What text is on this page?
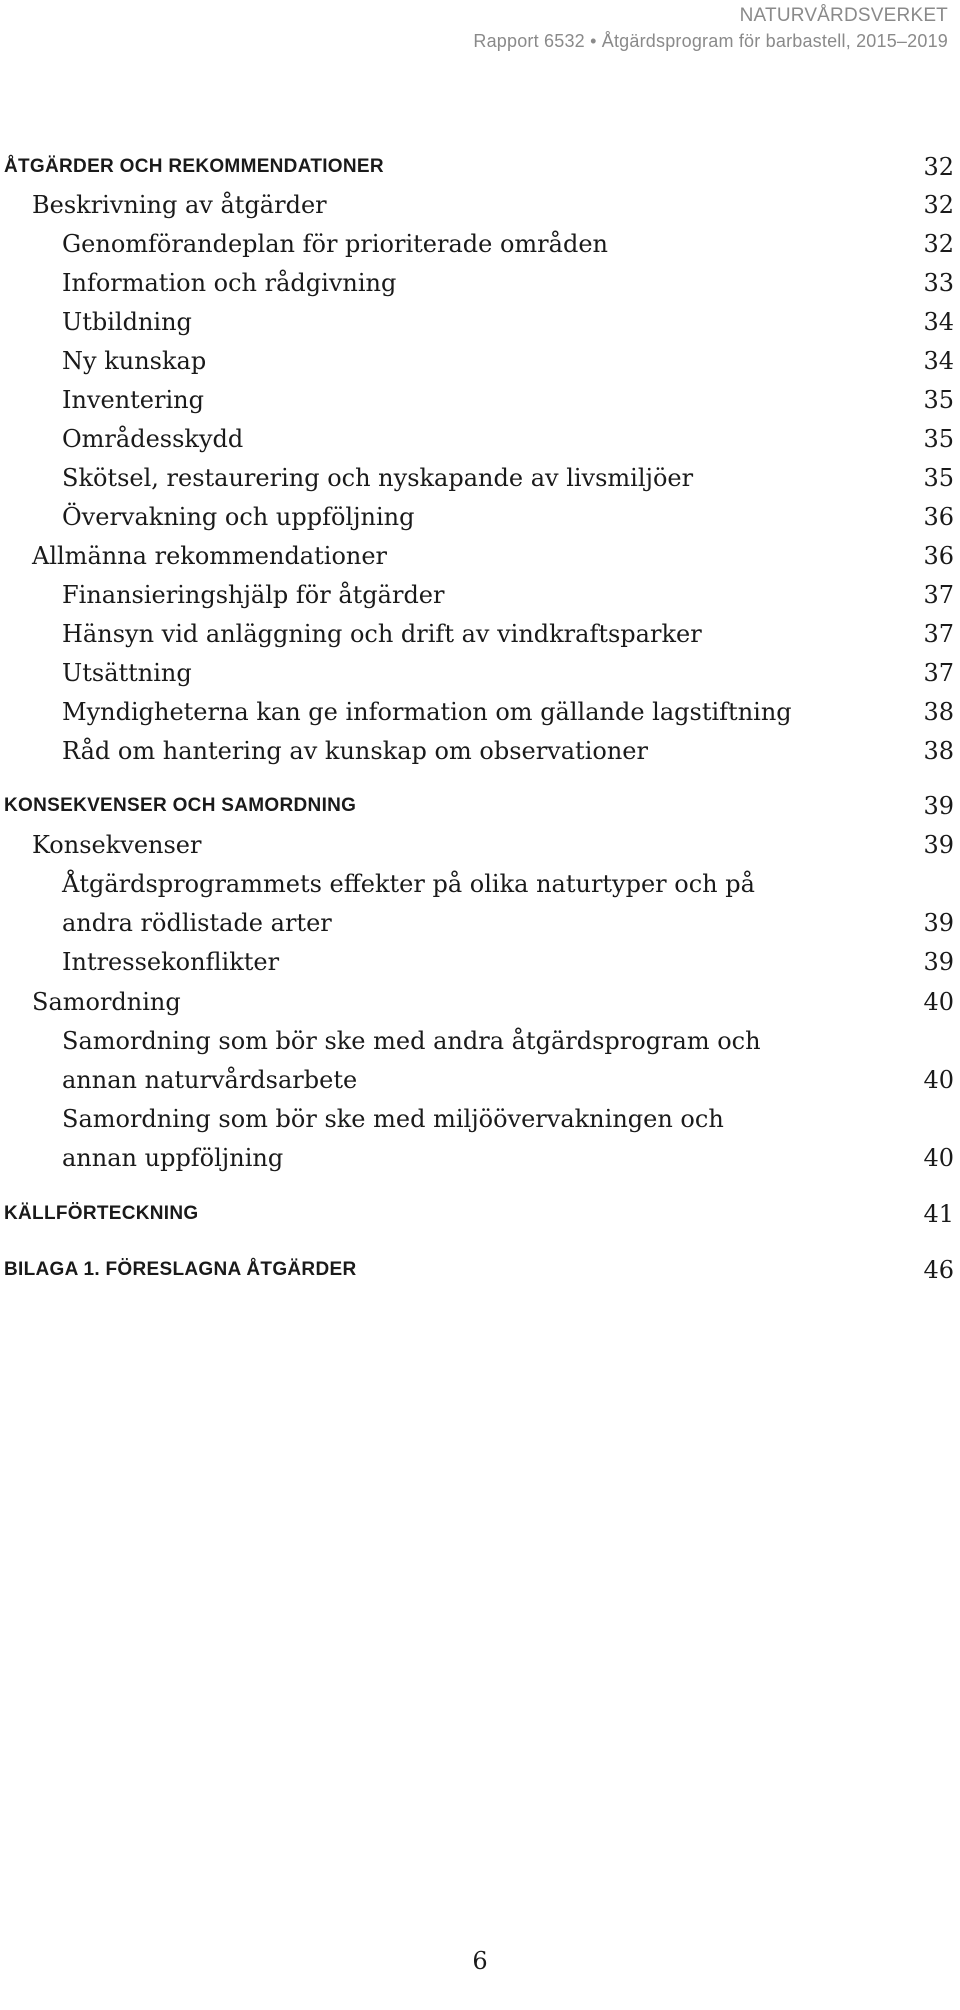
NATURVÅRDSVERKET
Rapport 6532 • Åtgärdsprogram för barbastell, 2015–2019
ÅTGÄRDER OCH REKOMMENDATIONER	32
Beskrivning av åtgärder	32
Genomförandeplan för prioriterade områden	32
Information och rådgivning	33
Utbildning	34
Ny kunskap	34
Inventering	35
Områdesskydd	35
Skötsel, restaurering och nyskapande av livsmiljöer	35
Övervakning och uppföljning	36
Allmänna rekommendationer	36
Finansieringshjälp för åtgärder	37
Hänsyn vid anläggning och drift av vindkraftsparker	37
Utsättning	37
Myndigheterna kan ge information om gällande lagstiftning	38
Råd om hantering av kunskap om observationer	38
KONSEKVENSER OCH SAMORDNING	39
Konsekvenser	39
Åtgärdsprogrammets effekter på olika naturtyper och på
andra rödlistade arter	39
Intressekonflikter	39
Samordning	40
Samordning som bör ske med andra åtgärdsprogram och
annan naturvårdsarbete	40
Samordning som bör ske med miljöövervakningen och
annan uppföljning	40
KÄLLFÖRTECKNING	41
BILAGA 1. FÖRESLAGNA ÅTGÄRDER	46
6
